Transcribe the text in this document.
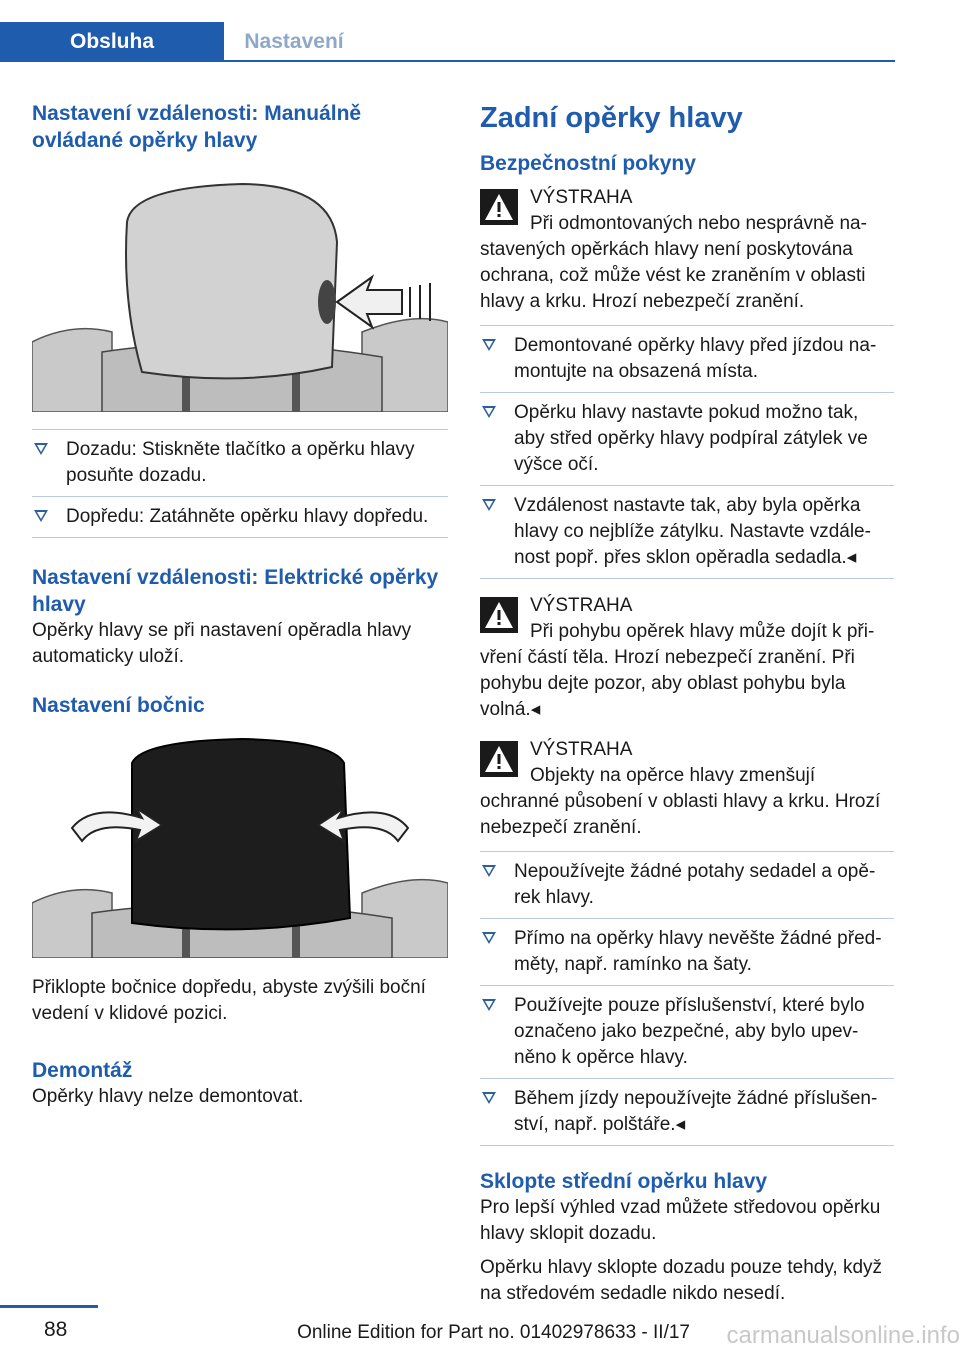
Obsluha	Nastavení
Nastavení vzdálenosti: Manuálně ovládané opěrky hlavy
Dozadu: Stiskněte tlačítko a opěrku hlavy posuňte dozadu.
Dopředu: Zatáhněte opěrku hlavy dopředu.
Nastavení vzdálenosti: Elektrické opěrky hlavy

Opěrky hlavy se při nastavení opěradla hlavy automaticky uloží.

Nastavení bočnic

Přiklopte bočnice dopředu, abyste zvýšili boční vedení v klidové pozici.

Demontáž

Opěrky hlavy nelze demontovat.

Zadní opěrky hlavy
Bezpečnostní pokyny
VÝSTRAHA

Při odmontovaných nebo nesprávně nastavených opěrkách hlavy není poskytována ochrana, což může vést ke zraněním v oblasti hlavy a krku. Hrozí nebezpečí zranění.

Demontované opěrky hlavy před jízdou namontujte na obsazená místa.
Opěrku hlavy nastavte pokud možno tak, aby střed opěrky hlavy podpíral zátylek ve výšce očí.
Vzdálenost nastavte tak, aby byla opěrka hlavy co nejblíže zátylku. Nastavte vzdálenost popř. přes sklon opěradla sedadla.◂
VÝSTRAHA

Při pohybu opěrek hlavy může dojít k přivření částí těla. Hrozí nebezpečí zranění. Při pohybu dejte pozor, aby oblast pohybu byla volná.◂

VÝSTRAHA

Objekty na opěrce hlavy zmenšují ochranné působení v oblasti hlavy a krku. Hrozí nebezpečí zranění.

Nepoužívejte žádné potahy sedadel a opěrek hlavy.
Přímo na opěrky hlavy nevěšte žádné předměty, např. ramínko na šaty.
Používejte pouze příslušenství, které bylo označeno jako bezpečné, aby bylo upevněno k opěrce hlavy.
Během jízdy nepoužívejte žádné příslušenství, např. polštáře.◂
Sklopte střední opěrku hlavy

Pro lepší výhled vzad můžete středovou opěrku hlavy sklopit dozadu.

Opěrku hlavy sklopte dozadu pouze tehdy, když na středovém sedadle nikdo nesedí.

88	Online Edition for Part no. 01402978633 - II/17 carmanualsonline.info
